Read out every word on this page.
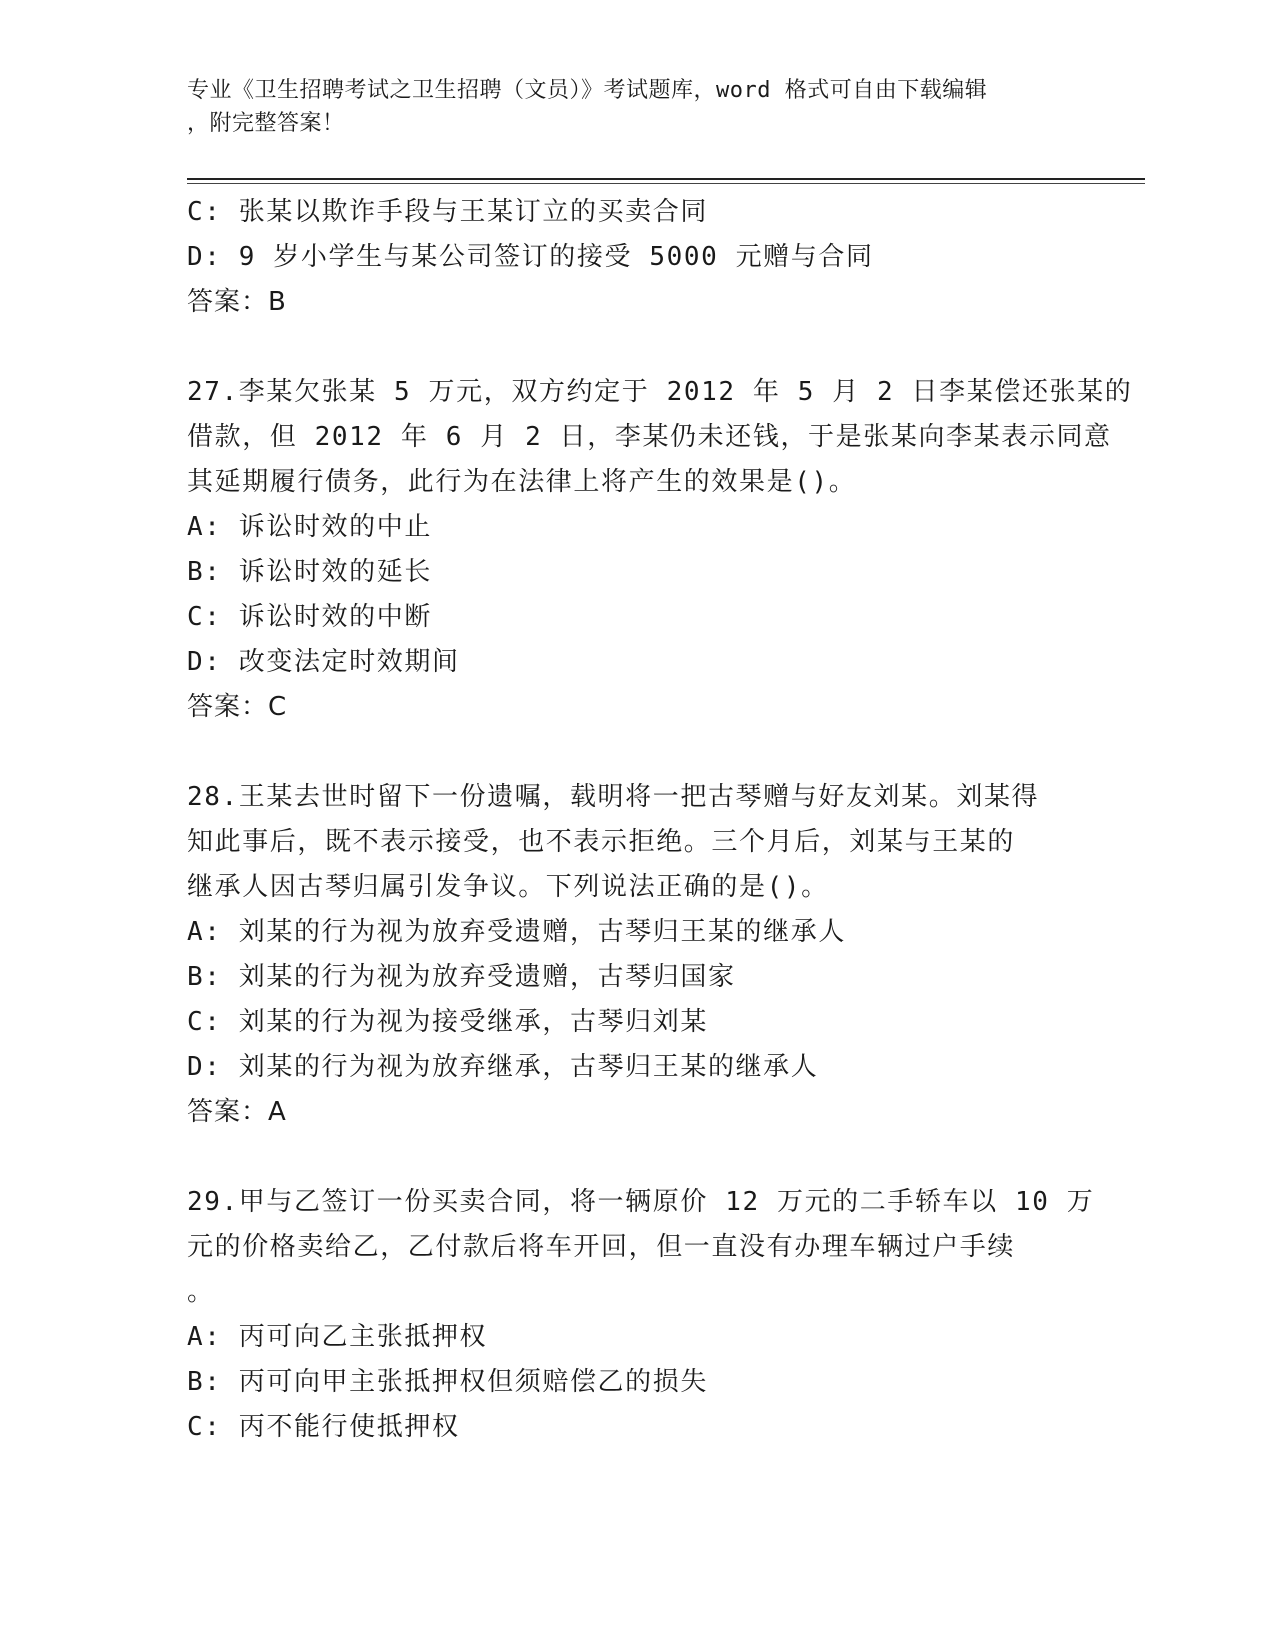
专业《卫生招聘考试之卫生招聘（文员）》考试题库，word 格式可自由下载编辑
，附完整答案！
C: 张某以欺诈手段与王某订立的买卖合同
D: 9 岁小学生与某公司签订的接受 5000 元赠与合同
答案：B
27.李某欠张某 5 万元，双方约定于 2012 年 5 月 2 日李某偿还张某的
借款，但 2012 年 6 月 2 日，李某仍未还钱，于是张某向李某表示同意
其延期履行债务，此行为在法律上将产生的效果是()。
A: 诉讼时效的中止
B: 诉讼时效的延长
C: 诉讼时效的中断
D: 改变法定时效期间
答案：C
28.王某去世时留下一份遗嘱，载明将一把古琴赠与好友刘某。刘某得
知此事后，既不表示接受，也不表示拒绝。三个月后，刘某与王某的
继承人因古琴归属引发争议。下列说法正确的是()。
A: 刘某的行为视为放弃受遗赠，古琴归王某的继承人
B: 刘某的行为视为放弃受遗赠，古琴归国家
C: 刘某的行为视为接受继承，古琴归刘某
D: 刘某的行为视为放弃继承，古琴归王某的继承人
答案：A
29.甲与乙签订一份买卖合同，将一辆原价 12 万元的二手轿车以 10 万
元的价格卖给乙，乙付款后将车开回，但一直没有办理车辆过户手续
。
A: 丙可向乙主张抵押权
B: 丙可向甲主张抵押权但须赔偿乙的损失
C: 丙不能行使抵押权
